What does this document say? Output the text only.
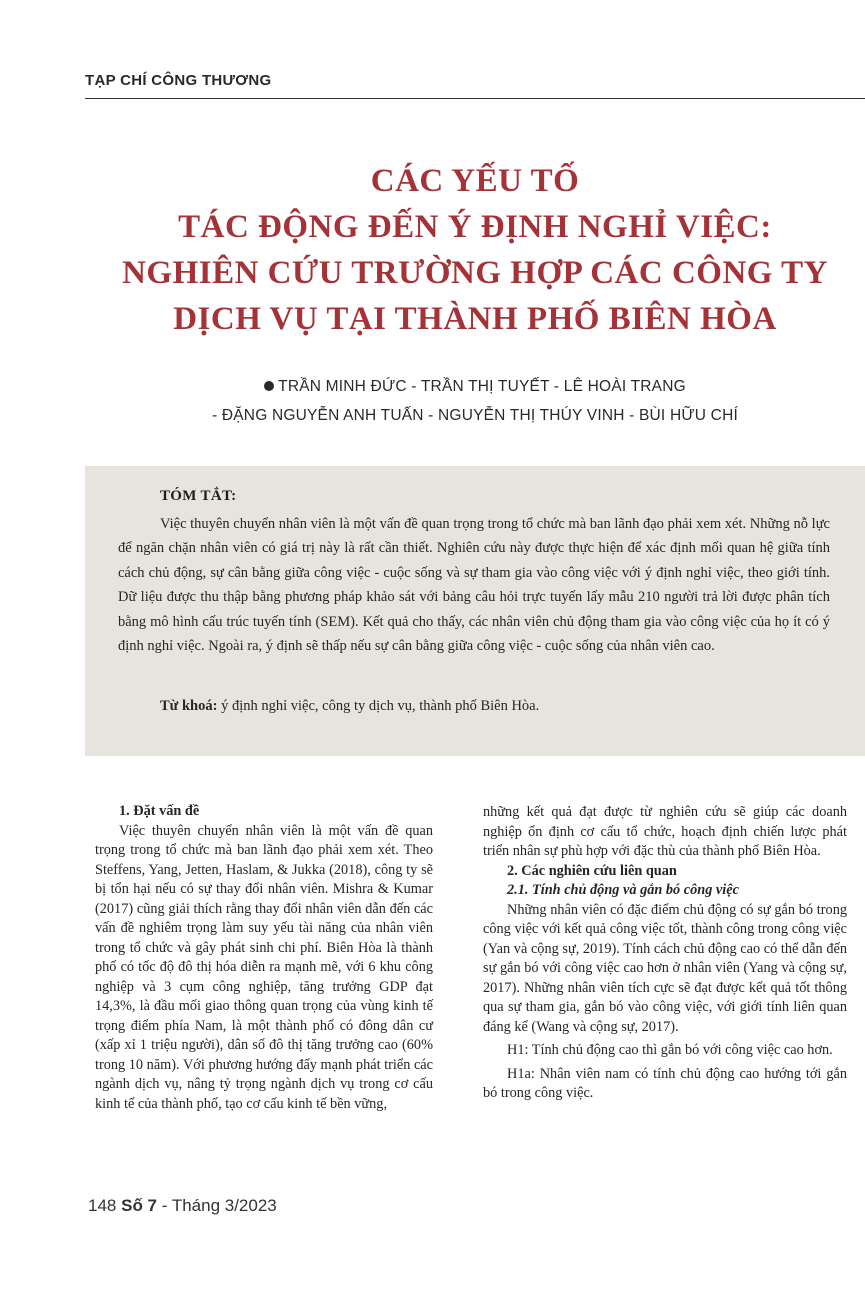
TẠP CHÍ CÔNG THƯƠNG
CÁC YẾU TỐ
TÁC ĐỘNG ĐẾN Ý ĐỊNH NGHỈ VIỆC:
NGHIÊN CỨU TRƯỜNG HỢP CÁC CÔNG TY
DỊCH VỤ TẠI THÀNH PHỐ BIÊN HÒA
TRẦN MINH ĐỨC - TRẦN THỊ TUYẾT - LÊ HOÀI TRANG
- ĐẶNG NGUYỄN ANH TUẤN - NGUYỄN THỊ THÚY VINH - BÙI HỮU CHÍ
TÓM TẮT:

Việc thuyên chuyển nhân viên là một vấn đề quan trọng trong tổ chức mà ban lãnh đạo phải xem xét. Những nỗ lực để ngăn chặn nhân viên có giá trị này là rất cần thiết. Nghiên cứu này được thực hiện để xác định mối quan hệ giữa tính cách chủ động, sự cân bằng giữa công việc - cuộc sống và sự tham gia vào công việc với ý định nghỉ việc, theo giới tính. Dữ liệu được thu thập bằng phương pháp khảo sát với bảng câu hỏi trực tuyến lấy mẫu 210 người trả lời được phân tích bằng mô hình cấu trúc tuyến tính (SEM). Kết quả cho thấy, các nhân viên chủ động tham gia vào công việc của họ ít có ý định nghỉ việc. Ngoài ra, ý định sẽ thấp nếu sự cân bằng giữa công việc - cuộc sống của nhân viên cao.

Từ khoá: ý định nghỉ việc, công ty dịch vụ, thành phố Biên Hòa.

1. Đặt vấn đề

Việc thuyên chuyển nhân viên là một vấn đề quan trọng trong tổ chức mà ban lãnh đạo phải xem xét. Theo Steffens, Yang, Jetten, Haslam, & Jukka (2018), công ty sẽ bị tổn hại nếu có sự thay đổi nhân viên. Mishra & Kumar (2017) cũng giải thích rằng thay đổi nhân viên dẫn đến các vấn đề nghiêm trọng làm suy yếu tài năng của nhân viên trong tổ chức và gây phát sinh chi phí. Biên Hòa là thành phố có tốc độ đô thị hóa diễn ra mạnh mẽ, với 6 khu công nghiệp và 3 cụm công nghiệp, tăng trưởng GDP đạt 14,3%, là đầu mối giao thông quan trọng của vùng kinh tế trọng điểm phía Nam, là một thành phố có đông dân cư (xấp xỉ 1 triệu người), dân số đô thị tăng trưởng cao (60% trong 10 năm). Với phương hướng đẩy mạnh phát triển các ngành dịch vụ, nâng tỷ trọng ngành dịch vụ trong cơ cấu kinh tế của thành phố, tạo cơ cấu kinh tế bền vững,

những kết quả đạt được từ nghiên cứu sẽ giúp các doanh nghiệp ổn định cơ cấu tổ chức, hoạch định chiến lược phát triển nhân sự phù hợp với đặc thù của thành phố Biên Hòa.

2. Các nghiên cứu liên quan

2.1. Tính chủ động và gắn bó công việc

Những nhân viên có đặc điểm chủ động có sự gắn bó trong công việc với kết quả công việc tốt, thành công trong công việc (Yan và cộng sự, 2019). Tính cách chủ động cao có thể dẫn đến sự gắn bó với công việc cao hơn ở nhân viên (Yang và cộng sự, 2017). Những nhân viên tích cực sẽ đạt được kết quả tốt thông qua sự tham gia, gắn bó vào công việc, với giới tính liên quan đáng kể (Wang và cộng sự, 2017).

H1: Tính chủ động cao thì gắn bó với công việc cao hơn.

H1a: Nhân viên nam có tính chủ động cao hướng tới gắn bó trong công việc.

148 Số 7 - Tháng 3/2023
